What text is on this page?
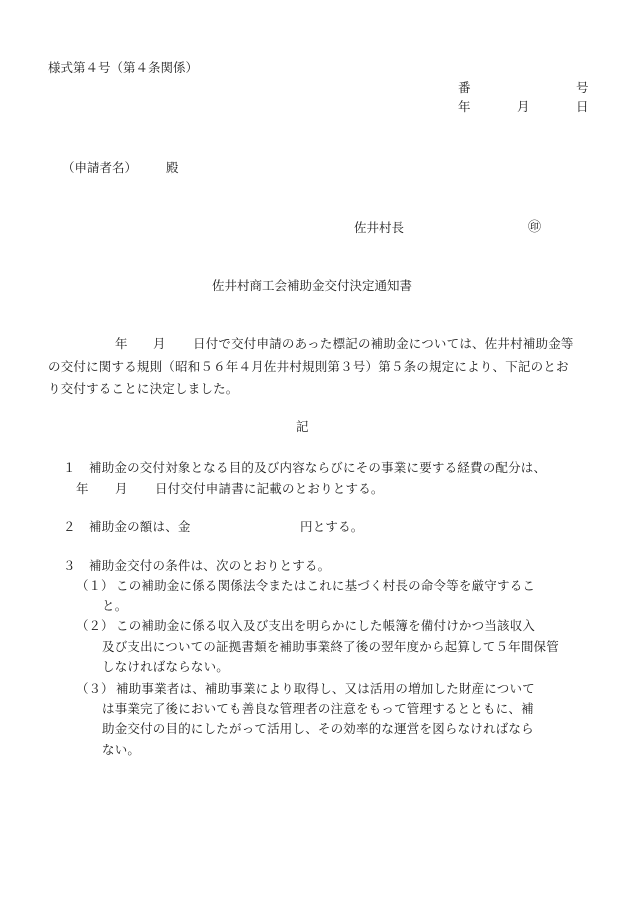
様式第４号（第４条関係）
番	号
年	月	日
（申請者名） 殿
佐井村長	㊞
佐井村商工会補助金交付決定通知書
年 月 日付で交付申請のあった標記の補助金については、佐井村補助金等
の交付に関する規則（昭和５６年４月佐井村規則第３号）第５条の規定により、下記のとお
り交付することに決定しました。
記
１ 補助金の交付対象となる目的及び内容ならびにその事業に要する経費の配分は、
年 月 日付交付申請書に記載のとおりとする。
２ 補助金の額は、金	円とする。
３ 補助金交付の条件は、次のとおりとする。
（１） この補助金に係る関係法令またはこれに基づく村長の命令等を厳守するこ
と。
（２） この補助金に係る収入及び支出を明らかにした帳簿を備付けかつ当該収入
及び支出についての証拠書類を補助事業終了後の翌年度から起算して５年間保管
しなければならない。
（３） 補助事業者は、補助事業により取得し、又は活用の増加した財産について
は事業完了後においても善良な管理者の注意をもって管理するとともに、補
助金交付の目的にしたがって活用し、その効率的な運営を図らなければなら
ない。
